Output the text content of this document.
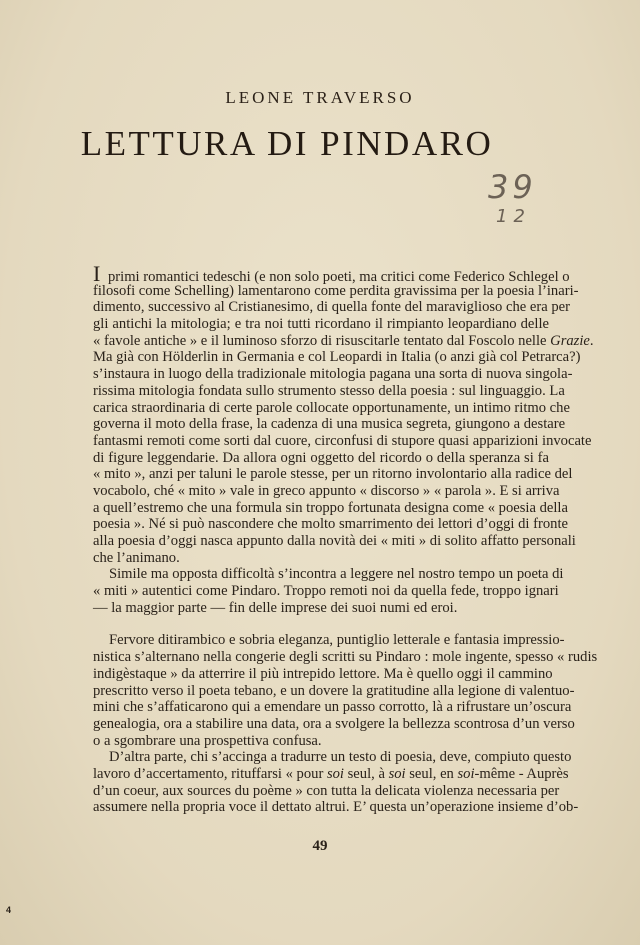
LEONE TRAVERSO
LETTURA DI PINDARO
39
12
I primi romantici tedeschi (e non solo poeti, ma critici come Federico Schlegel o
filosofi come Schelling) lamentarono come perdita gravissima per la poesia l’inari-
dimento, successivo al Cristianesimo, di quella fonte del maraviglioso che era per
gli antichi la mitologia; e tra noi tutti ricordano il rimpianto leopardiano delle
« favole antiche » e il luminoso sforzo di risuscitarle tentato dal Foscolo nelle Grazie.
Ma già con Hölderlin in Germania e col Leopardi in Italia (o anzi già col Petrarca?)
s’instaura in luogo della tradizionale mitologia pagana una sorta di nuova singola-
rissima mitologia fondata sullo strumento stesso della poesia : sul linguaggio. La
carica straordinaria di certe parole collocate opportunamente, un intimo ritmo che
governa il moto della frase, la cadenza di una musica segreta, giungono a destare
fantasmi remoti come sorti dal cuore, circonfusi di stupore quasi apparizioni invocate
di figure leggendarie. Da allora ogni oggetto del ricordo o della speranza si fa
« mito », anzi per taluni le parole stesse, per un ritorno involontario alla radice del
vocabolo, ché « mito » vale in greco appunto « discorso » « parola ». E si arriva
a quell’estremo che una formula sin troppo fortunata designa come « poesia della
poesia ». Né si può nascondere che molto smarrimento dei lettori d’oggi di fronte
alla poesia d’oggi nasca appunto dalla novità dei « miti » di solito affatto personali
che l’animano.
Simile ma opposta difficoltà s’incontra a leggere nel nostro tempo un poeta di
« miti » autentici come Pindaro. Troppo remoti noi da quella fede, troppo ignari
— la maggior parte — fin delle imprese dei suoi numi ed eroi.
Fervore ditirambico e sobria eleganza, puntiglio letterale e fantasia impressio-
nistica s’alternano nella congerie degli scritti su Pindaro : mole ingente, spesso « rudis
indigèstaque » da atterrire il più intrepido lettore. Ma è quello oggi il cammino
prescritto verso il poeta tebano, e un dovere la gratitudine alla legione di valentuo-
mini che s’affaticarono qui a emendare un passo corrotto, là a rifrustare un’oscura
genealogia, ora a stabilire una data, ora a svolgere la bellezza scontrosa d’un verso
o a sgombrare una prospettiva confusa.
D’altra parte, chi s’accinga a tradurre un testo di poesia, deve, compiuto questo
lavoro d’accertamento, rituffarsi « pour soi seul, à soi seul, en soi-même - Auprès
d’un coeur, aux sources du poème » con tutta la delicata violenza necessaria per
assumere nella propria voce il dettato altrui. E’ questa un’operazione insieme d’ob-
49
4
